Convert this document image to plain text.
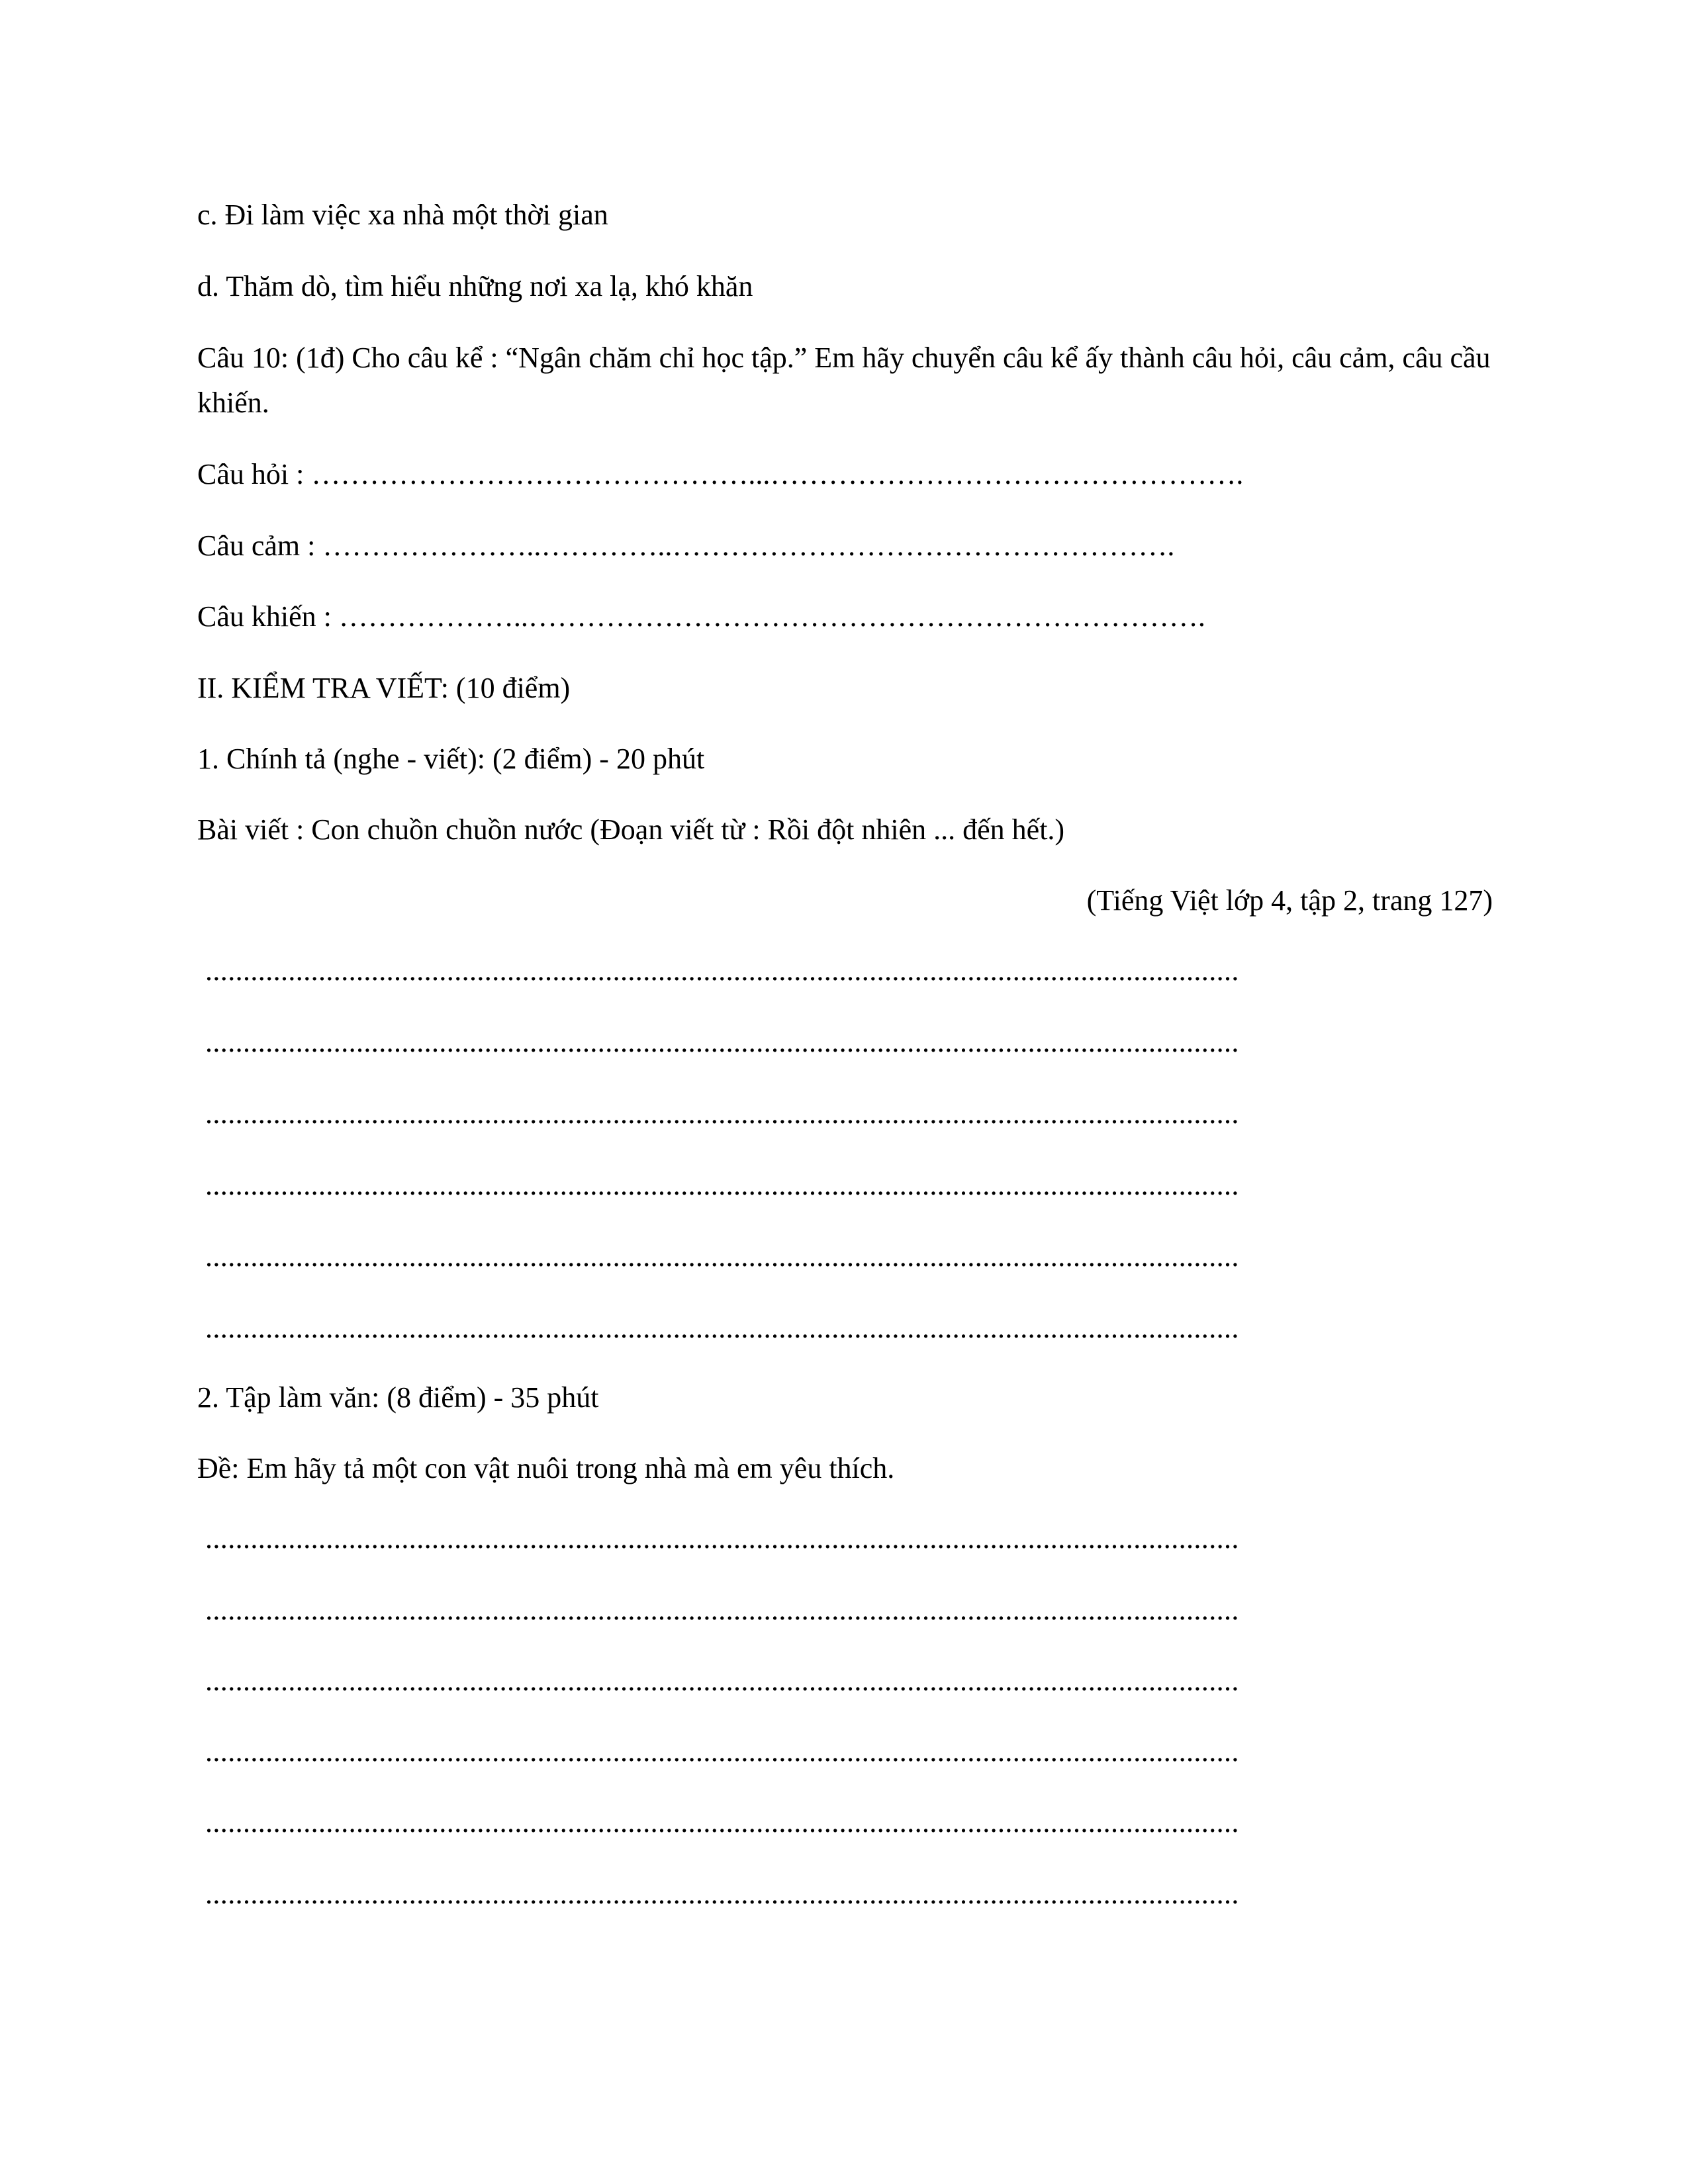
c. Đi làm việc xa nhà một thời gian
d. Thăm dò, tìm hiểu những nơi xa lạ, khó khăn
Câu 10: (1đ) Cho câu kể : “Ngân chăm chỉ học tập.” Em hãy chuyển câu kể ấy thành câu hỏi, câu cảm, câu cầu khiến.
Câu hỏi : ………………………………………...………………………………………….
Câu cảm : …………………..…………..…………………………………………….
Câu khiến : ………………..…………………………………………………………….
II. KIỂM TRA VIẾT: (10 điểm)
1. Chính tả (nghe - viết): (2 điểm) - 20 phút
Bài viết : Con chuồn chuồn nước (Đoạn viết từ : Rồi đột nhiên ... đến hết.)
(Tiếng Việt lớp 4, tập 2, trang 127)
.........................................................................................................................................
.........................................................................................................................................
.........................................................................................................................................
.........................................................................................................................................
.........................................................................................................................................
.........................................................................................................................................
2. Tập làm văn: (8 điểm) - 35 phút
Đề: Em hãy tả một con vật nuôi trong nhà mà em yêu thích.
.........................................................................................................................................
.........................................................................................................................................
.........................................................................................................................................
.........................................................................................................................................
.........................................................................................................................................
.........................................................................................................................................
